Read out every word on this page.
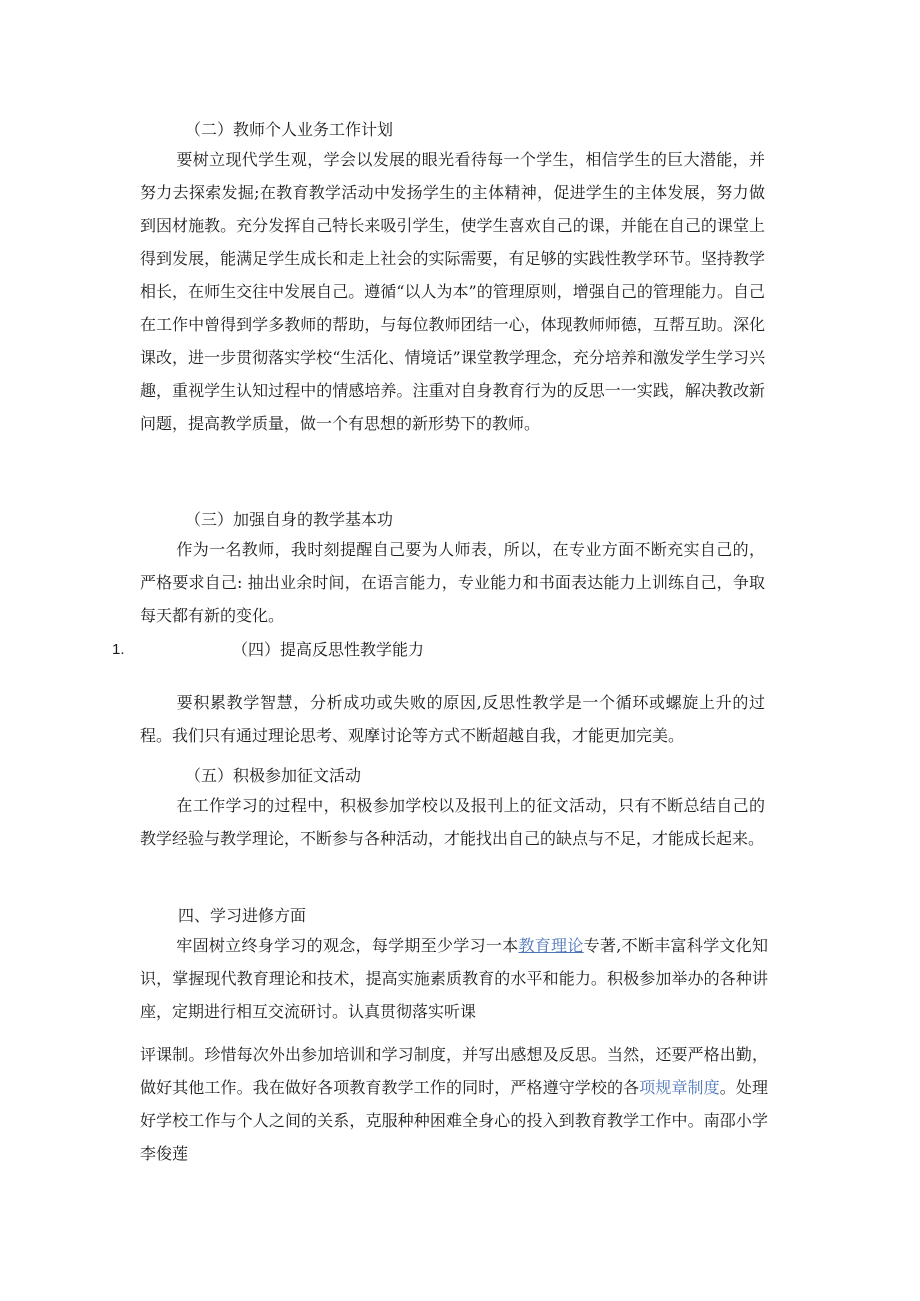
（二）教师个人业务工作计划

要树立现代学生观，学会以发展的眼光看待每一个学生，相信学生的巨大潜能，并努力去探索发掘;在教育教学活动中发扬学生的主体精神，促进学生的主体发展，努力做到因材施教。充分发挥自己特长来吸引学生，使学生喜欢自己的课，并能在自己的课堂上得到发展，能满足学生成长和走上社会的实际需要，有足够的实践性教学环节。坚持教学相长，在师生交往中发展自己。遵循“以人为本”的管理原则，增强自己的管理能力。自己在工作中曾得到学多教师的帮助，与每位教师团结一心，体现教师师德，互帮互助。深化课改，进一步贯彻落实学校“生活化、情境话”课堂教学理念，充分培养和激发学生学习兴趣，重视学生认知过程中的情感培养。注重对自身教育行为的反思一一实践，解决教改新问题，提高教学质量，做一个有思想的新形势下的教师。

（三）加强自身的教学基本功

作为一名教师，我时刻提醒自己要为人师表，所以，在专业方面不断充实自己的，严格要求自己: 抽出业余时间，在语言能力，专业能力和书面表达能力上训练自己，争取每天都有新的变化。

1.	（四）提高反思性教学能力

要积累教学智慧，分析成功或失败的原因,反思性教学是一个循环或螺旋上升的过程。我们只有通过理论思考、观摩讨论等方式不断超越自我，才能更加完美。

（五）积极参加征文活动

在工作学习的过程中，积极参加学校以及报刊上的征文活动，只有不断总结自己的教学经验与教学理论，不断参与各种活动，才能找出自己的缺点与不足，才能成长起来。

四、学习进修方面

牢固树立终身学习的观念，每学期至少学习一本教育理论专著,不断丰富科学文化知识，掌握现代教育理论和技术，提高实施素质教育的水平和能力。积极参加举办的各种讲座，定期进行相互交流研讨。认真贯彻落实听课

评课制。珍惜每次外出参加培训和学习制度，并写出感想及反思。当然，还要严格出勤，做好其他工作。我在做好各项教育教学工作的同时，严格遵守学校的各项规章制度。处理好学校工作与个人之间的关系，克服种种困难全身心的投入到教育教学工作中。南邵小学李俊莲
